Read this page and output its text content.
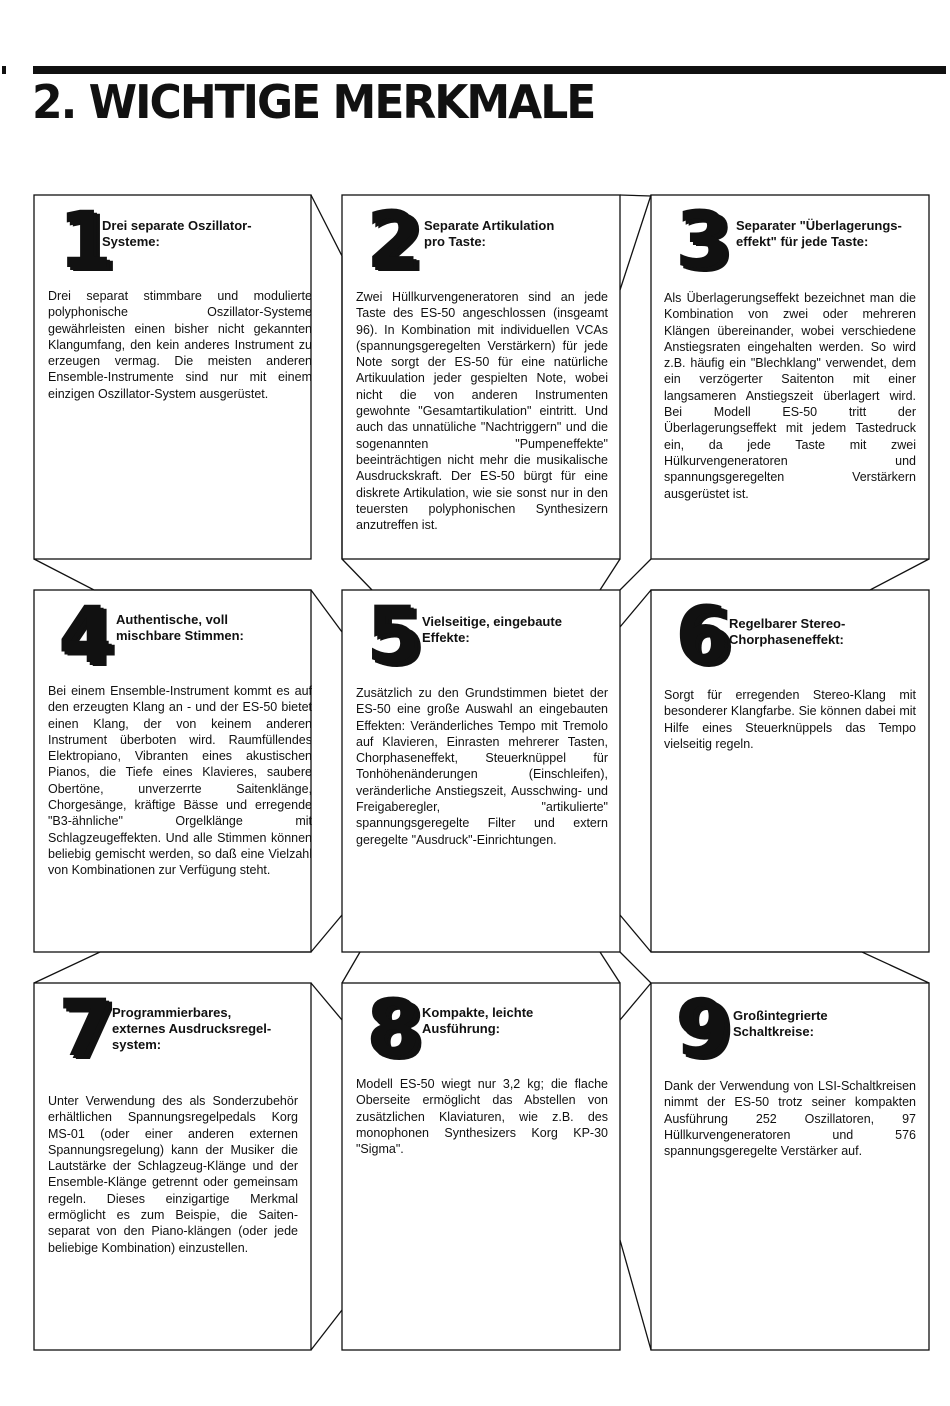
2. WICHTIGE MERKMALE
1
Drei separate Oszillator-
Systeme:

Drei separat stimmbare und modulierte polyphonische Oszillator-Systeme gewährleisten einen bisher nicht gekannten Klangumfang, den kein anderes Instrument zu erzeugen vermag. Die meisten anderen Ensemble-Instrumente sind nur mit einem einzigen Oszillator-System ausgerüstet.

2 Separate Artikulation
pro Taste:

Zwei Hüllkurvengeneratoren sind an jede Taste des ES-50 angeschlossen (insgeamt 96). In Kombination mit individuellen VCAs (spannungsgeregelten Verstärkern) für jede Note sorgt der ES-50 für eine natürliche Artikuulation jeder gespielten Note, wobei nicht die von anderen Instrumenten gewohnte "Gesamtartikulation" eintritt. Und auch das unnatüliche "Nachtriggern" und die sogenannten "Pumpeneffekte" beeinträchtigen nicht mehr die musikalische Ausdruckskraft. Der ES-50 bürgt für eine diskrete Artikulation, wie sie sonst nur in den teuersten polyphonischen Synthesizern anzutreffen ist.

3 Separater "Überlagerungs-
effekt" für jede Taste:

Als Überlagerungseffekt bezeichnet man die Kombination von zwei oder mehreren Klängen übereinander, wobei verschiedene Anstiegsraten eingehalten werden. So wird z.B. häufig ein "Blechklang" verwendet, dem ein verzögerter Saitenton mit einer langsameren Anstiegszeit überlagert wird. Bei Modell ES-50 tritt der Überlagerungseffekt mit jedem Tastedruck ein, da jede Taste mit zwei Hülkurvengeneratoren und spannungsgeregelten Verstärkern ausgerüstet ist.

4 Authentische, voll
mischbare Stimmen:

Bei einem Ensemble-Instrument kommt es auf den erzeugten Klang an - und der ES-50 bietet einen Klang, der von keinem anderen Instrument überboten wird. Raumfüllendes Elektropiano, Vibranten eines akustischen Pianos, die Tiefe eines Klavieres, saubere Obertöne, unverzerrte Saitenklänge, Chorgesänge, kräftige Bässe und erregende "B3-ähnliche" Orgelklänge mit Schlagzeugeffekten. Und alle Stimmen können beliebig gemischt werden, so daß eine Vielzahl von Kombinationen zur Verfügung steht.

5 Vielseitige, eingebaute
Effekte:

Zusätzlich zu den Grundstimmen bietet der ES-50 eine große Auswahl an eingebauten Effekten: Veränderliches Tempo mit Tremolo auf Klavieren, Einrasten mehrerer Tasten, Chorphaseneffekt, Steuerknüppel für Tonhöhenänderungen (Einschleifen), veränderliche Anstiegszeit, Ausschwing- und Freigaberegler, "artikulierte" spannungsgeregelte Filter und extern geregelte "Ausdruck"-Einrichtungen.

6 Regelbarer Stereo-
Chorphaseneffekt:

Sorgt für erregenden Stereo-Klang mit besonderer Klangfarbe. Sie können dabei mit Hilfe eines Steuerknüppels das Tempo vielseitig regeln.

7 Programmierbares,
externes Ausdrucksregel-
system:

Unter Verwendung des als Sonderzubehör erhältlichen Spannungsregelpedals Korg MS-01 (oder einer anderen externen Spannungsregelung) kann der Musiker die Lautstärke der Schlagzeug-Klänge und der Ensemble-Klänge getrennt oder gemeinsam regeln. Dieses einzigartige Merkmal ermöglicht es zum Beispie, die Saiten- separat von den Piano-klängen (oder jede beliebige Kombination) einzustellen.

8 Kompakte, leichte
Ausführung:

Modell ES-50 wiegt nur 3,2 kg; die flache Oberseite ermöglicht das Abstellen von zusätzlichen Klaviaturen, wie z.B. des monophonen Synthesizers Korg KP-30 "Sigma".

9 Großintegrierte
Schaltkreise:

Dank der Verwendung von LSI-Schaltkreisen nimmt der ES-50 trotz seiner kompakten Ausführung 252 Oszillatoren, 97 Hüllkurvengeneratoren und 576 spannungsgeregelte Verstärker auf.
